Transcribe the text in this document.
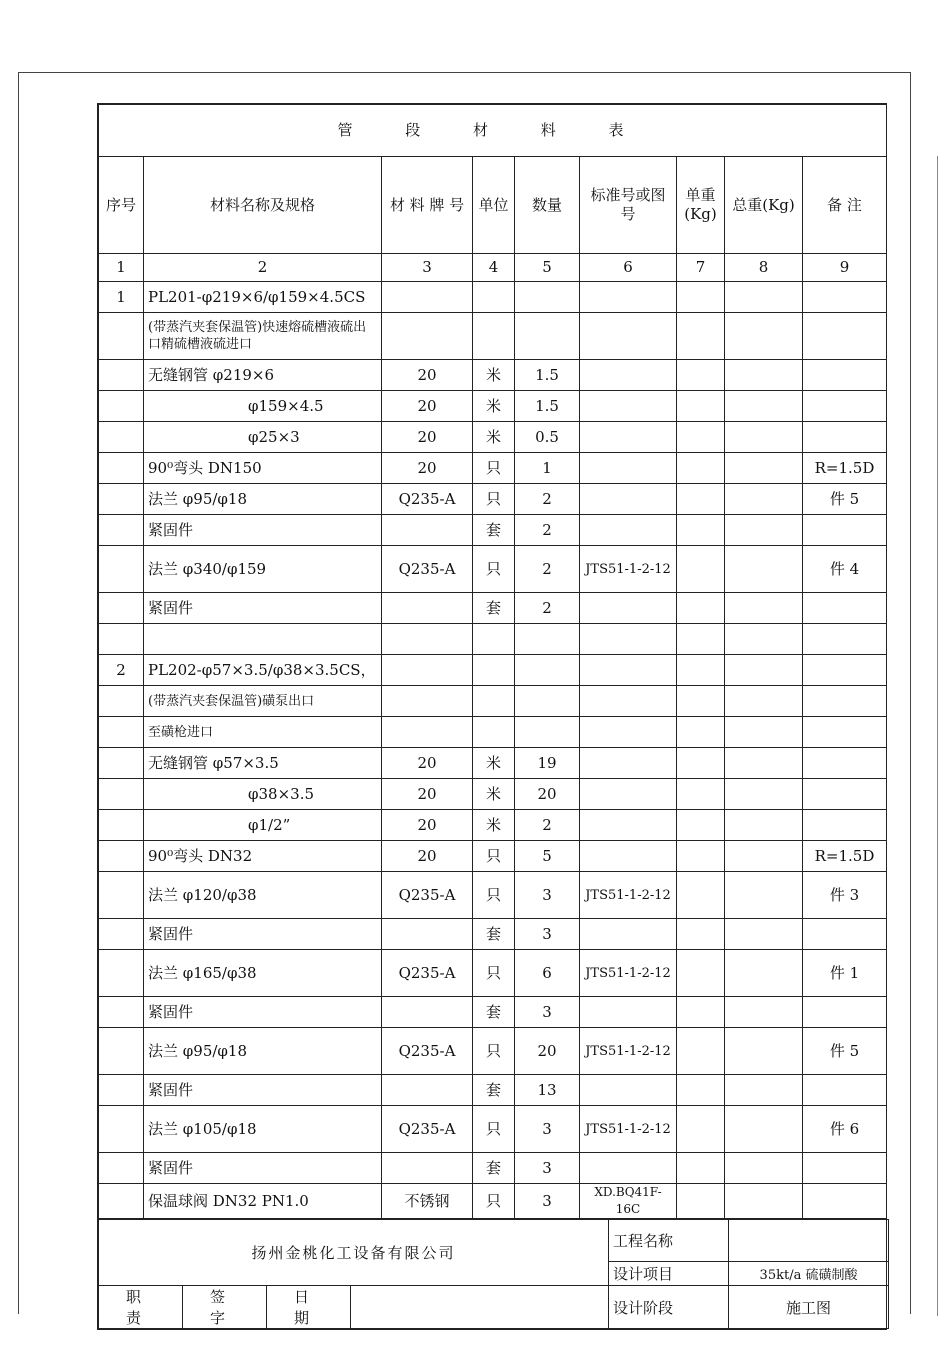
管 段 材 料 表								
序号	材料名称及规格	材 料 牌 号	单位	数量	标准号或图号	单重(Kg)	总重(Kg)	备 注
1	2	3	4	5	6	7	8	9
1	PL201-φ219×6/φ159×4.5CS							
	(带蒸汽夹套保温管)快速熔硫槽液硫出口精硫槽液硫进口							
	无缝钢管 φ219×6	20	米	1.5				
	φ159×4.5	20	米	1.5				
	φ25×3	20	米	0.5				
	90⁰弯头 DN150	20	只	1				R=1.5D
	法兰 φ95/φ18	Q235-A	只	2				件 5
	紧固件		套	2				
	法兰 φ340/φ159	Q235-A	只	2	JTS51-1-2-12			件 4
	紧固件		套	2				

2	PL202-φ57×3.5/φ38×3.5CS，							
	(带蒸汽夹套保温管)磺泵出口							
	至磺枪进口							
	无缝钢管 φ57×3.5	20	米	19				
	φ38×3.5	20	米	20				
	φ1/2”	20	米	2				
	90⁰弯头 DN32	20	只	5				R=1.5D
	法兰 φ120/φ38	Q235-A	只	3	JTS51-1-2-12			件 3
	紧固件		套	3				
	法兰 φ165/φ38	Q235-A	只	6	JTS51-1-2-12			件 1
	紧固件		套	3				
	法兰 φ95/φ18	Q235-A	只	20	JTS51-1-2-12			件 5
	紧固件		套	13				
	法兰 φ105/φ18	Q235-A	只	3	JTS51-1-2-12			件 6
	紧固件		套	3				
	保温球阀 DN32 PN1.0	不锈钢	只	3	XD.BQ41F-16C			
扬州金桃化工设备有限公司				工程名称	
				设计项目	35kt/a 硫磺制酸
职 责	签 字	日 期		设计阶段	施工图
